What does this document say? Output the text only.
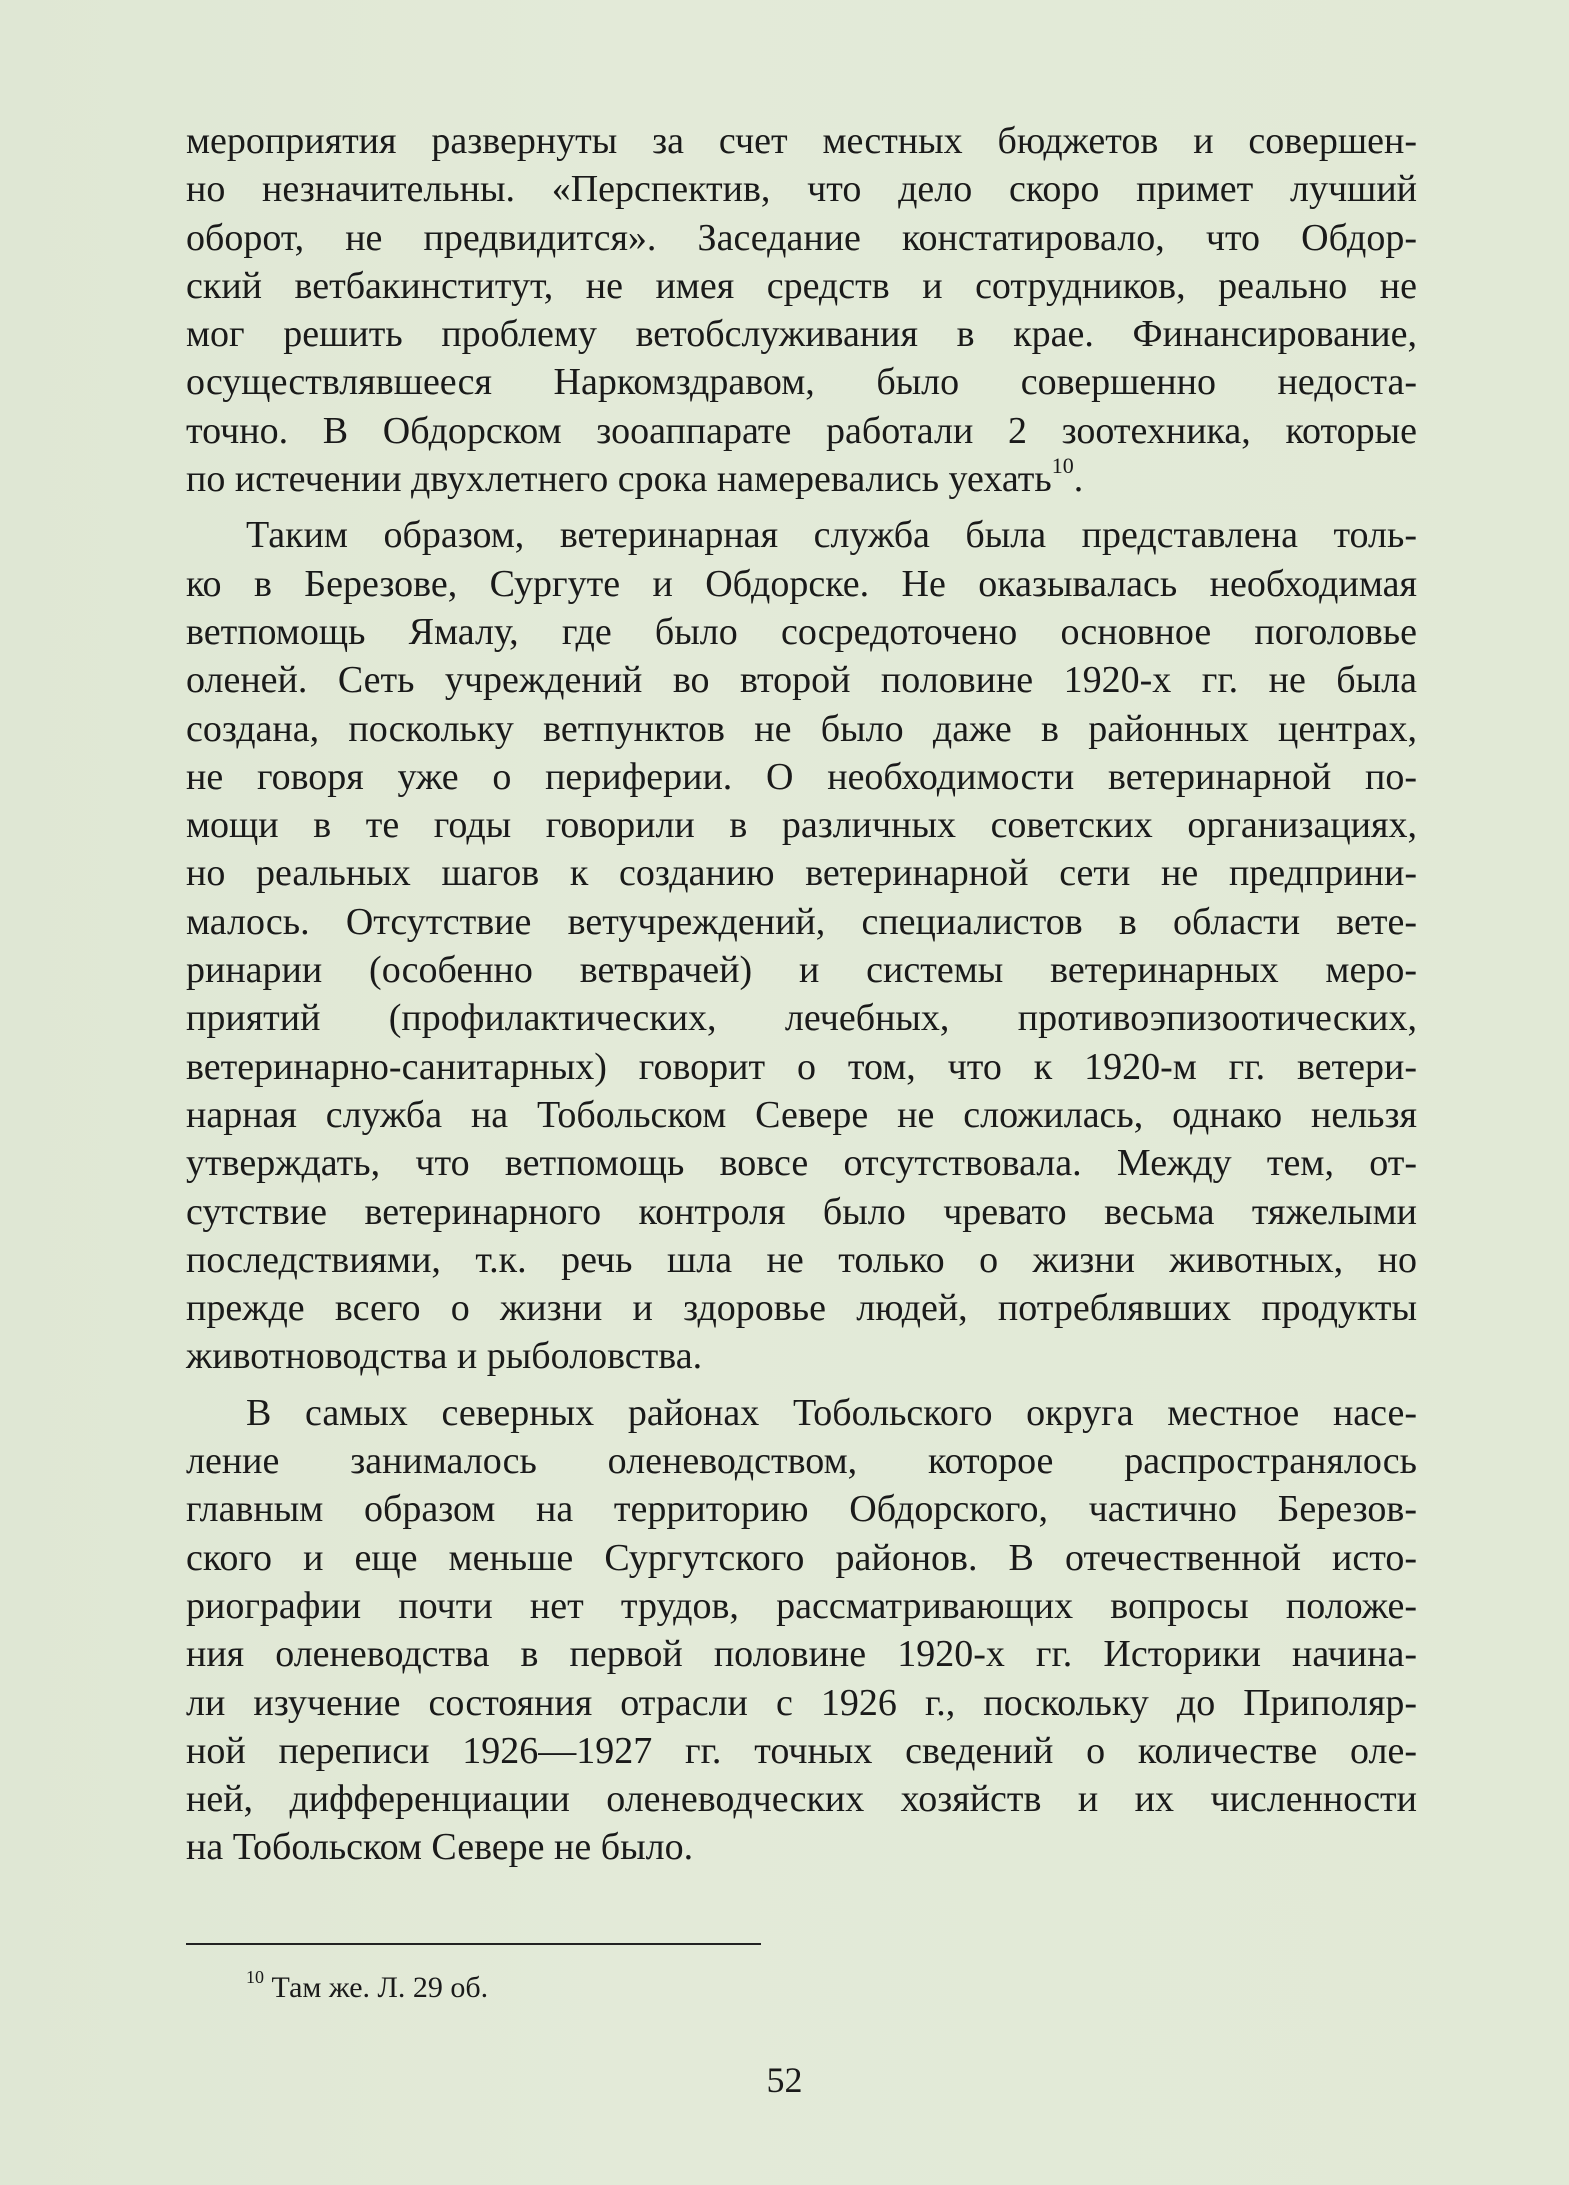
мероприятия развернуты за счет местных бюджетов и совершен-
но незначительны. «Перспектив, что дело скоро примет лучший
оборот, не предвидится». Заседание констатировало, что Обдор-
ский ветбакинститут, не имея средств и сотрудников, реально не
мог решить проблему ветобслуживания в крае. Финансирование,
осуществлявшееся Наркомздравом, было совершенно недоста-
точно. В Обдорском зооаппарате работали 2 зоотехника, которые
по истечении двухлетнего срока намеревались уехать$^{10}$.
Таким образом, ветеринарная служба была представлена толь-
ко в Березове, Сургуте и Обдорске. Не оказывалась необходимая
ветпомощь Ямалу, где было сосредоточено основное поголовье
оленей. Сеть учреждений во второй половине 1920-х гг. не была
создана, поскольку ветпунктов не было даже в районных центрах,
не говоря уже о периферии. О необходимости ветеринарной по-
мощи в те годы говорили в различных советских организациях,
но реальных шагов к созданию ветеринарной сети не предприни-
малось. Отсутствие ветучреждений, специалистов в области вете-
ринарии (особенно ветврачей) и системы ветеринарных меро-
приятий (профилактических, лечебных, противоэпизоотических,
ветеринарно-санитарных) говорит о том, что к 1920-м гг. ветери-
нарная служба на Тобольском Севере не сложилась, однако нельзя
утверждать, что ветпомощь вовсе отсутствовала. Между тем, от-
сутствие ветеринарного контроля было чревато весьма тяжелыми
последствиями, т.к. речь шла не только о жизни животных, но
прежде всего о жизни и здоровье людей, потреблявших продукты
животноводства и рыболовства.
В самых северных районах Тобольского округа местное насе-
ление занималось оленеводством, которое распространялось
главным образом на территорию Обдорского, частично Березов-
ского и еще меньше Сургутского районов. В отечественной исто-
риографии почти нет трудов, рассматривающих вопросы положе-
ния оленеводства в первой половине 1920-х гг. Историки начина-
ли изучение состояния отрасли с 1926 г., поскольку до Приполяр-
ной переписи 1926—1927 гг. точных сведений о количестве оле-
ней, дифференциации оленеводческих хозяйств и их численности
на Тобольском Севере не было.
$^{10}$ Там же. Л. 29 об.
52
